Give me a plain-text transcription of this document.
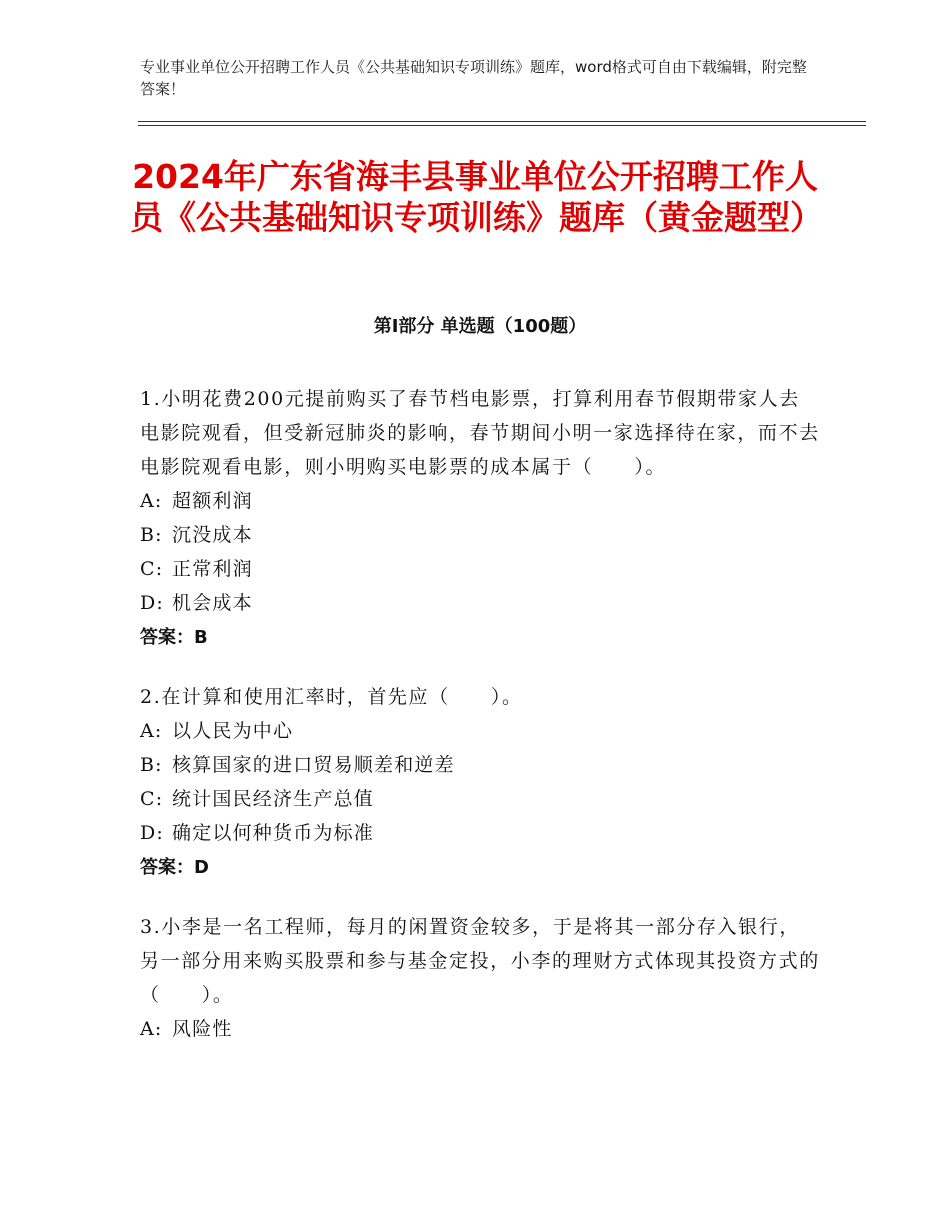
专业事业单位公开招聘工作人员《公共基础知识专项训练》题库，word格式可自由下载编辑，附完整答案！
2024年广东省海丰县事业单位公开招聘工作人员《公共基础知识专项训练》题库（黄金题型）
第Ⅰ部分 单选题（100题）

1.小明花费200元提前购买了春节档电影票，打算利用春节假期带家人去电影院观看，但受新冠肺炎的影响，春节期间小明一家选择待在家，而不去电影院观看电影，则小明购买电影票的成本属于（　　）。

A: 超额利润

B: 沉没成本

C: 正常利润

D: 机会成本

答案：B

2.在计算和使用汇率时，首先应（　　）。

A: 以人民为中心

B: 核算国家的进口贸易顺差和逆差

C: 统计国民经济生产总值

D: 确定以何种货币为标准

答案：D

3.小李是一名工程师，每月的闲置资金较多，于是将其一部分存入银行，另一部分用来购买股票和参与基金定投，小李的理财方式体现其投资方式的（　　）。

A: 风险性
